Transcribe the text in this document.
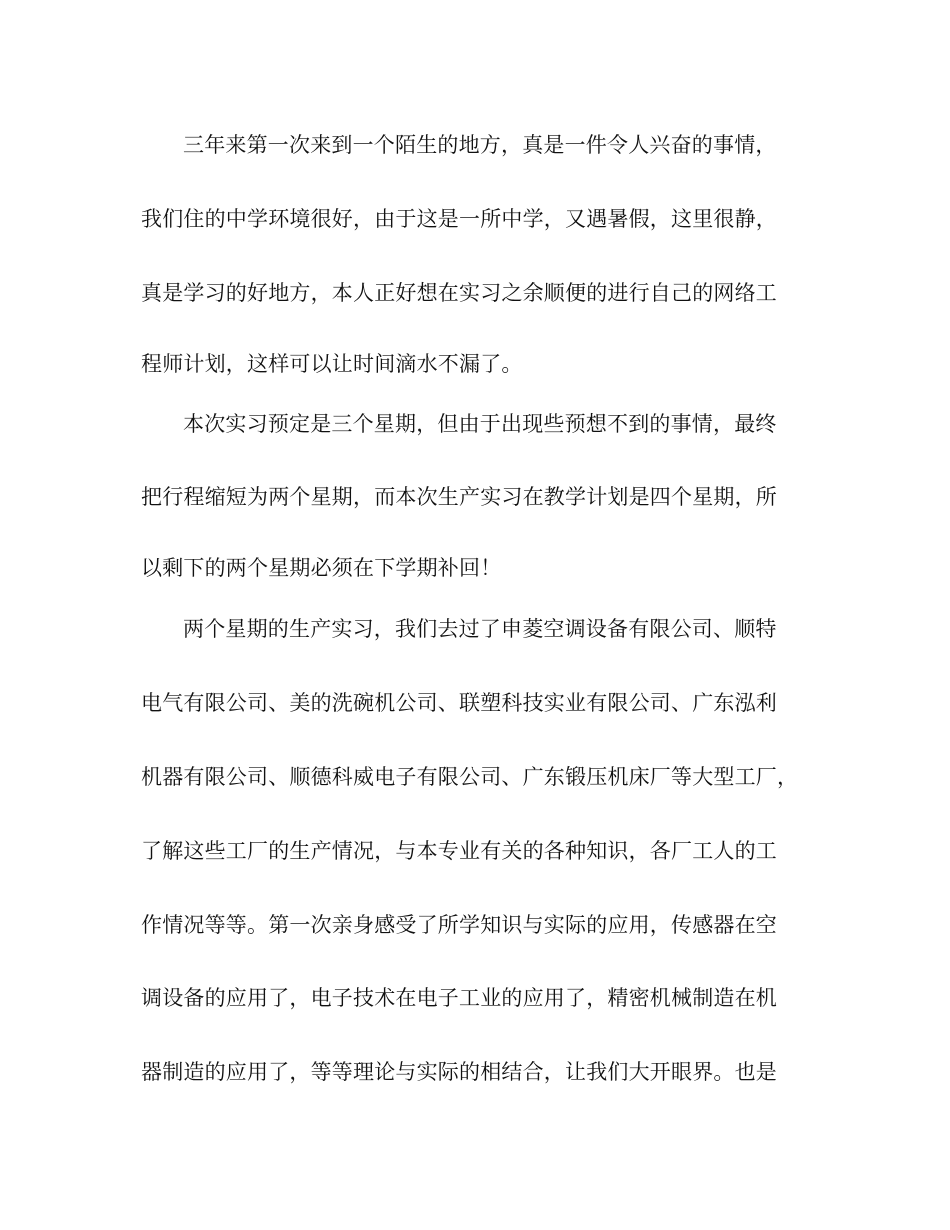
三年来第一次来到一个陌生的地方，真是一件令人兴奋的事情，
我们住的中学环境很好，由于这是一所中学，又遇暑假，这里很静，
真是学习的好地方，本人正好想在实习之余顺便的进行自己的网络工
程师计划，这样可以让时间滴水不漏了。
本次实习预定是三个星期，但由于出现些预想不到的事情，最终
把行程缩短为两个星期，而本次生产实习在教学计划是四个星期，所
以剩下的两个星期必须在下学期补回！
两个星期的生产实习，我们去过了申菱空调设备有限公司、顺特
电气有限公司、美的洗碗机公司、联塑科技实业有限公司、广东泓利
机器有限公司、顺德科威电子有限公司、广东锻压机床厂等大型工厂，
了解这些工厂的生产情况，与本专业有关的各种知识，各厂工人的工
作情况等等。第一次亲身感受了所学知识与实际的应用，传感器在空
调设备的应用了，电子技术在电子工业的应用了，精密机械制造在机
器制造的应用了，等等理论与实际的相结合，让我们大开眼界。也是
